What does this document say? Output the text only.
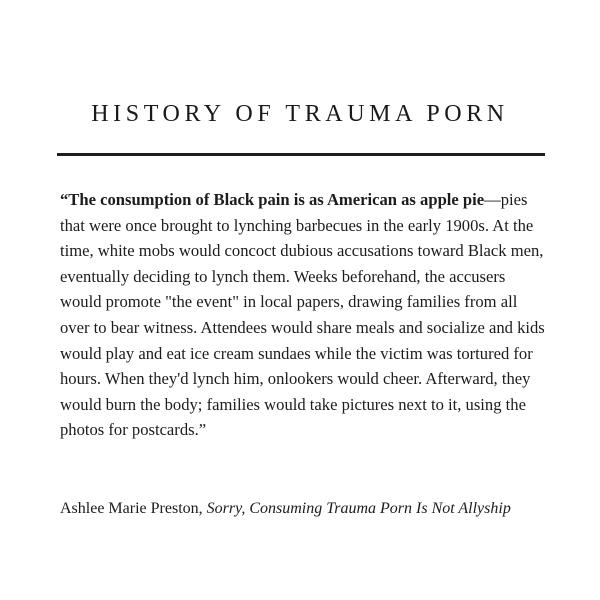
HISTORY OF TRAUMA PORN

“The consumption of Black pain is as American as apple pie—pies that were once brought to lynching barbecues in the early 1900s. At the time, white mobs would concoct dubious accusations toward Black men, eventually deciding to lynch them. Weeks beforehand, the accusers would promote "the event" in local papers, drawing families from all over to bear witness. Attendees would share meals and socialize and kids would play and eat ice cream sundaes while the victim was tortured for hours. When they'd lynch him, onlookers would cheer. Afterward, they would burn the body; families would take pictures next to it, using the photos for postcards.”

Ashlee Marie Preston, Sorry, Consuming Trauma Porn Is Not Allyship
